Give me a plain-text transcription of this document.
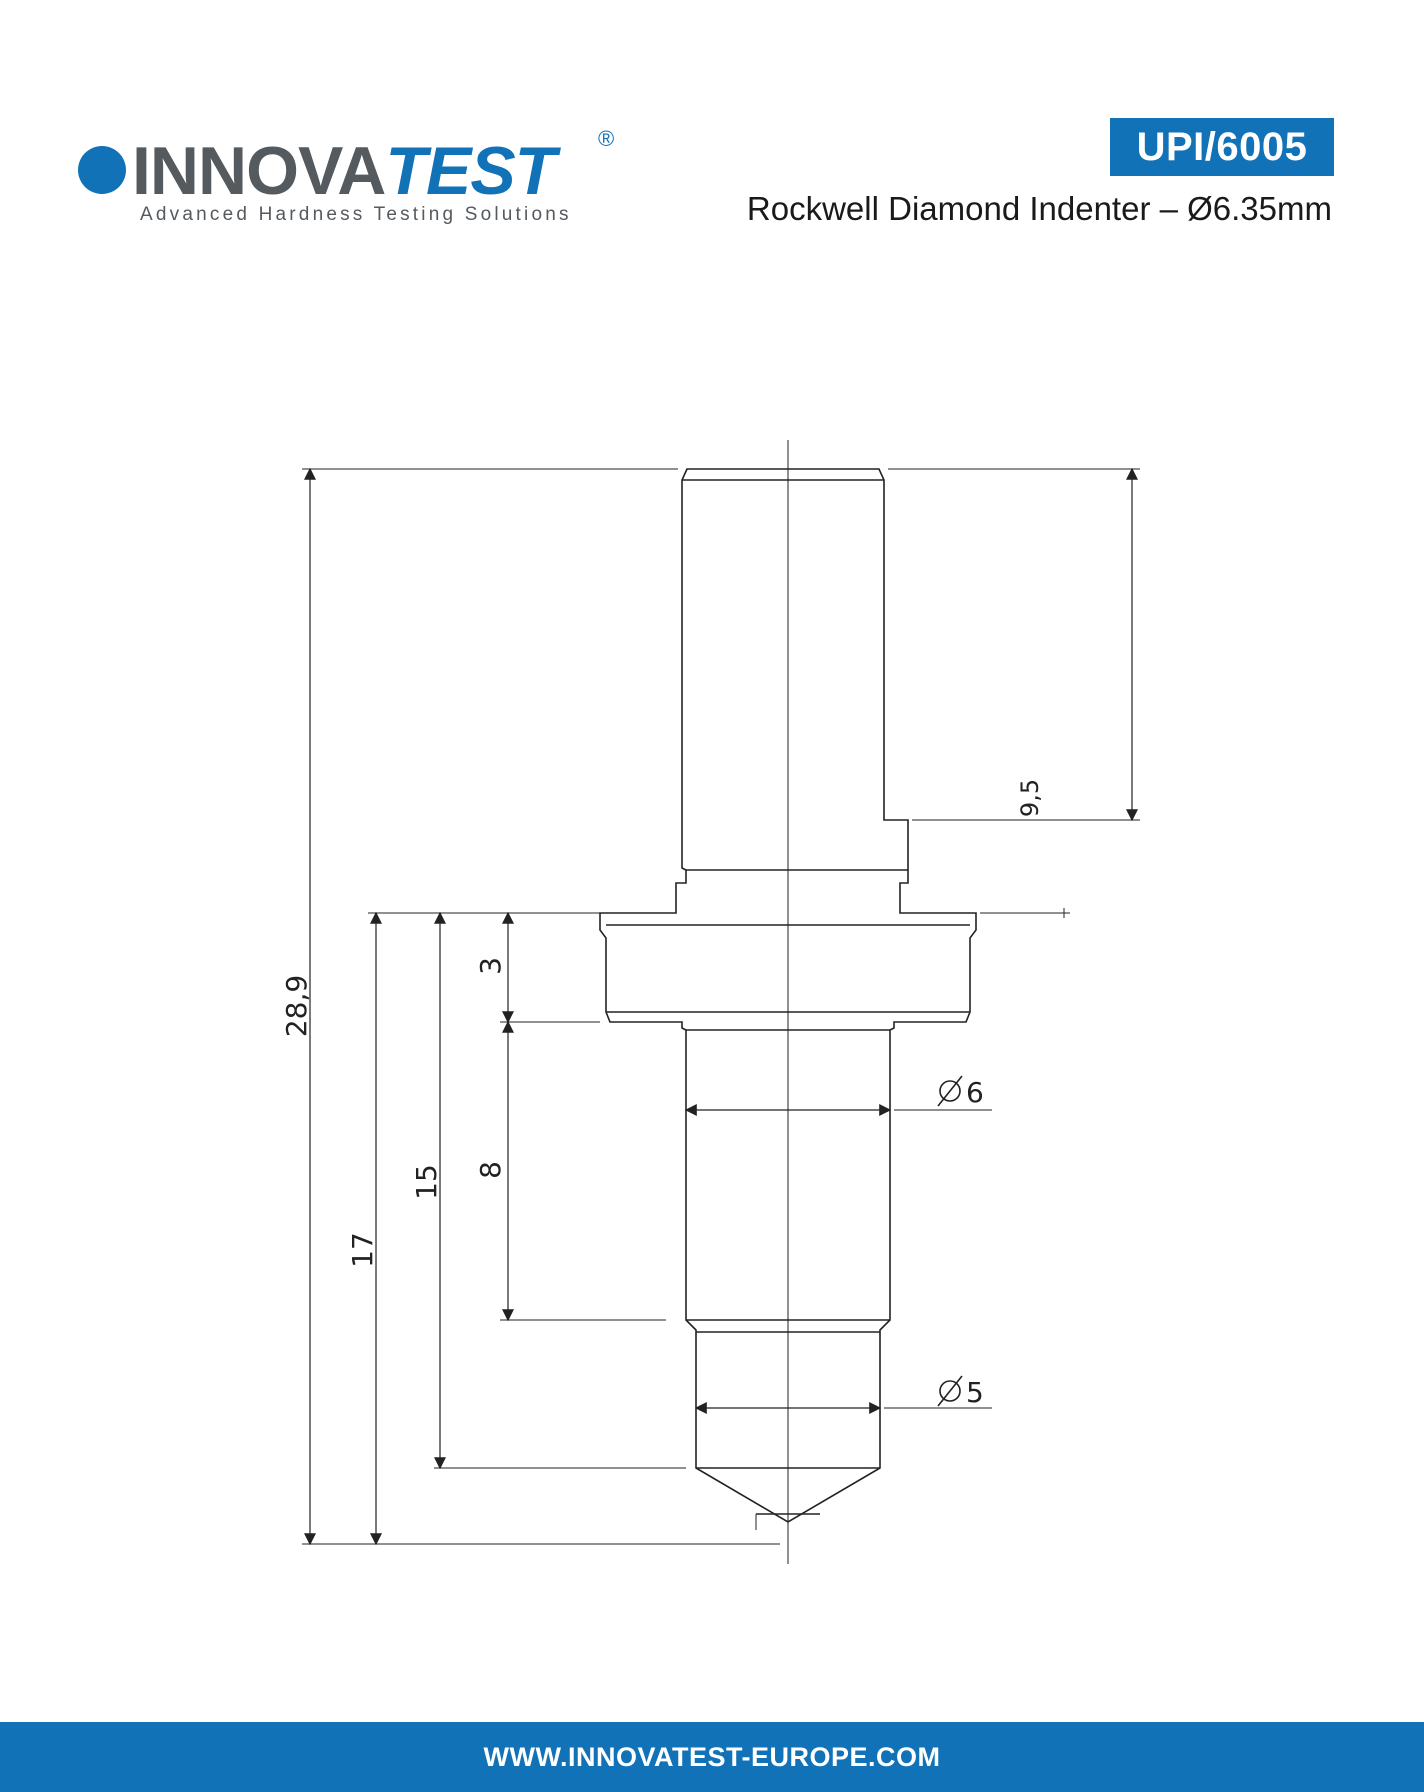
INNOVATEST ®
Advanced Hardness Testing Solutions
UPI/6005
Rockwell Diamond Indenter – Ø6.35mm
28,9
9,5
17
15
3
8
6
5
WWW.INNOVATEST-EUROPE.COM
